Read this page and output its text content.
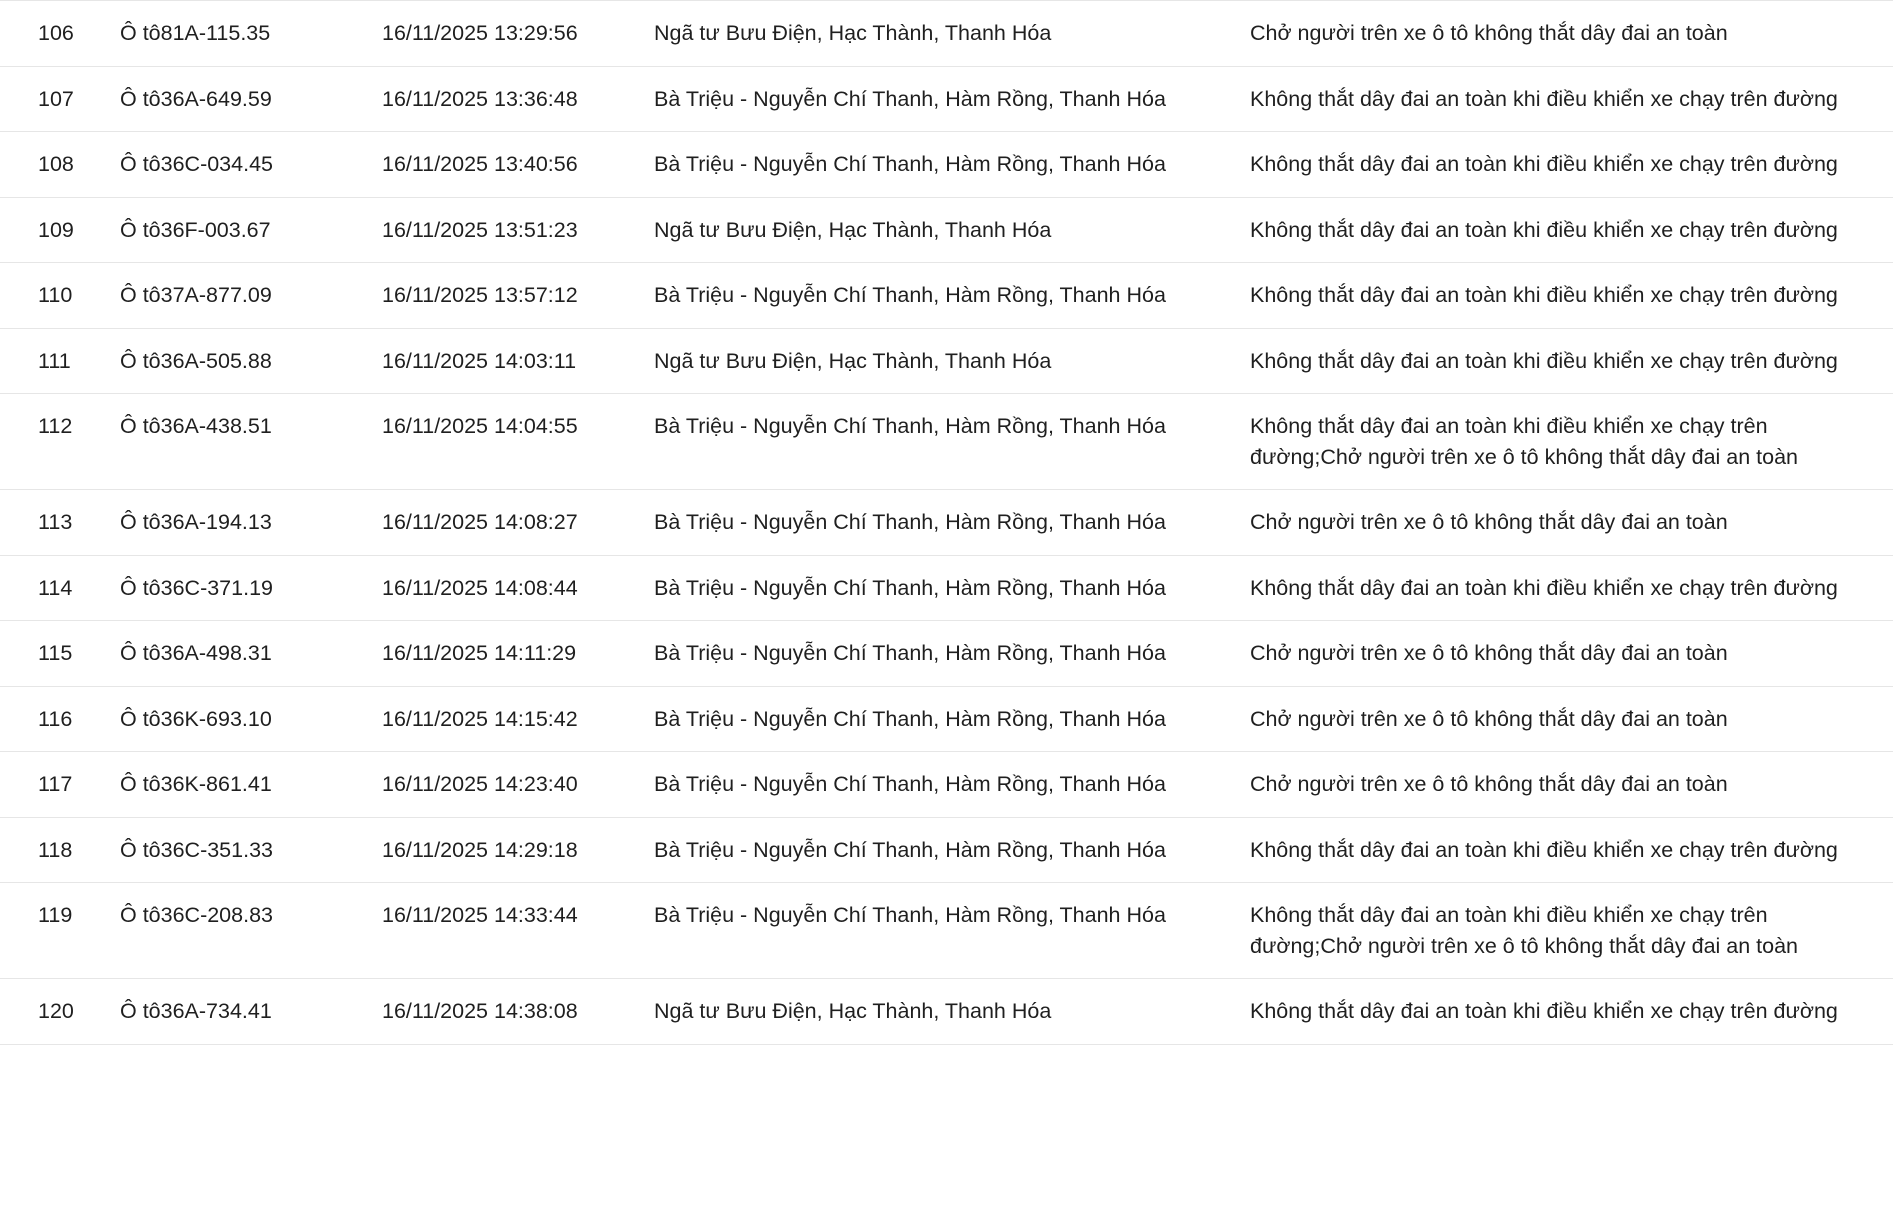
106	Ô tô81A-115.35	16/11/2025 13:29:56	Ngã tư Bưu Điện, Hạc Thành, Thanh Hóa	Chở người trên xe ô tô không thắt dây đai an toàn
107	Ô tô36A-649.59	16/11/2025 13:36:48	Bà Triệu - Nguyễn Chí Thanh, Hàm Rồng, Thanh Hóa	Không thắt dây đai an toàn khi điều khiển xe chạy trên đường
108	Ô tô36C-034.45	16/11/2025 13:40:56	Bà Triệu - Nguyễn Chí Thanh, Hàm Rồng, Thanh Hóa	Không thắt dây đai an toàn khi điều khiển xe chạy trên đường
109	Ô tô36F-003.67	16/11/2025 13:51:23	Ngã tư Bưu Điện, Hạc Thành, Thanh Hóa	Không thắt dây đai an toàn khi điều khiển xe chạy trên đường
110	Ô tô37A-877.09	16/11/2025 13:57:12	Bà Triệu - Nguyễn Chí Thanh, Hàm Rồng, Thanh Hóa	Không thắt dây đai an toàn khi điều khiển xe chạy trên đường
111	Ô tô36A-505.88	16/11/2025 14:03:11	Ngã tư Bưu Điện, Hạc Thành, Thanh Hóa	Không thắt dây đai an toàn khi điều khiển xe chạy trên đường
112	Ô tô36A-438.51	16/11/2025 14:04:55	Bà Triệu - Nguyễn Chí Thanh, Hàm Rồng, Thanh Hóa	Không thắt dây đai an toàn khi điều khiển xe chạy trên đường;Chở người trên xe ô tô không thắt dây đai an toàn
113	Ô tô36A-194.13	16/11/2025 14:08:27	Bà Triệu - Nguyễn Chí Thanh, Hàm Rồng, Thanh Hóa	Chở người trên xe ô tô không thắt dây đai an toàn
114	Ô tô36C-371.19	16/11/2025 14:08:44	Bà Triệu - Nguyễn Chí Thanh, Hàm Rồng, Thanh Hóa	Không thắt dây đai an toàn khi điều khiển xe chạy trên đường
115	Ô tô36A-498.31	16/11/2025 14:11:29	Bà Triệu - Nguyễn Chí Thanh, Hàm Rồng, Thanh Hóa	Chở người trên xe ô tô không thắt dây đai an toàn
116	Ô tô36K-693.10	16/11/2025 14:15:42	Bà Triệu - Nguyễn Chí Thanh, Hàm Rồng, Thanh Hóa	Chở người trên xe ô tô không thắt dây đai an toàn
117	Ô tô36K-861.41	16/11/2025 14:23:40	Bà Triệu - Nguyễn Chí Thanh, Hàm Rồng, Thanh Hóa	Chở người trên xe ô tô không thắt dây đai an toàn
118	Ô tô36C-351.33	16/11/2025 14:29:18	Bà Triệu - Nguyễn Chí Thanh, Hàm Rồng, Thanh Hóa	Không thắt dây đai an toàn khi điều khiển xe chạy trên đường
119	Ô tô36C-208.83	16/11/2025 14:33:44	Bà Triệu - Nguyễn Chí Thanh, Hàm Rồng, Thanh Hóa	Không thắt dây đai an toàn khi điều khiển xe chạy trên đường;Chở người trên xe ô tô không thắt dây đai an toàn
120	Ô tô36A-734.41	16/11/2025 14:38:08	Ngã tư Bưu Điện, Hạc Thành, Thanh Hóa	Không thắt dây đai an toàn khi điều khiển xe chạy trên đường
